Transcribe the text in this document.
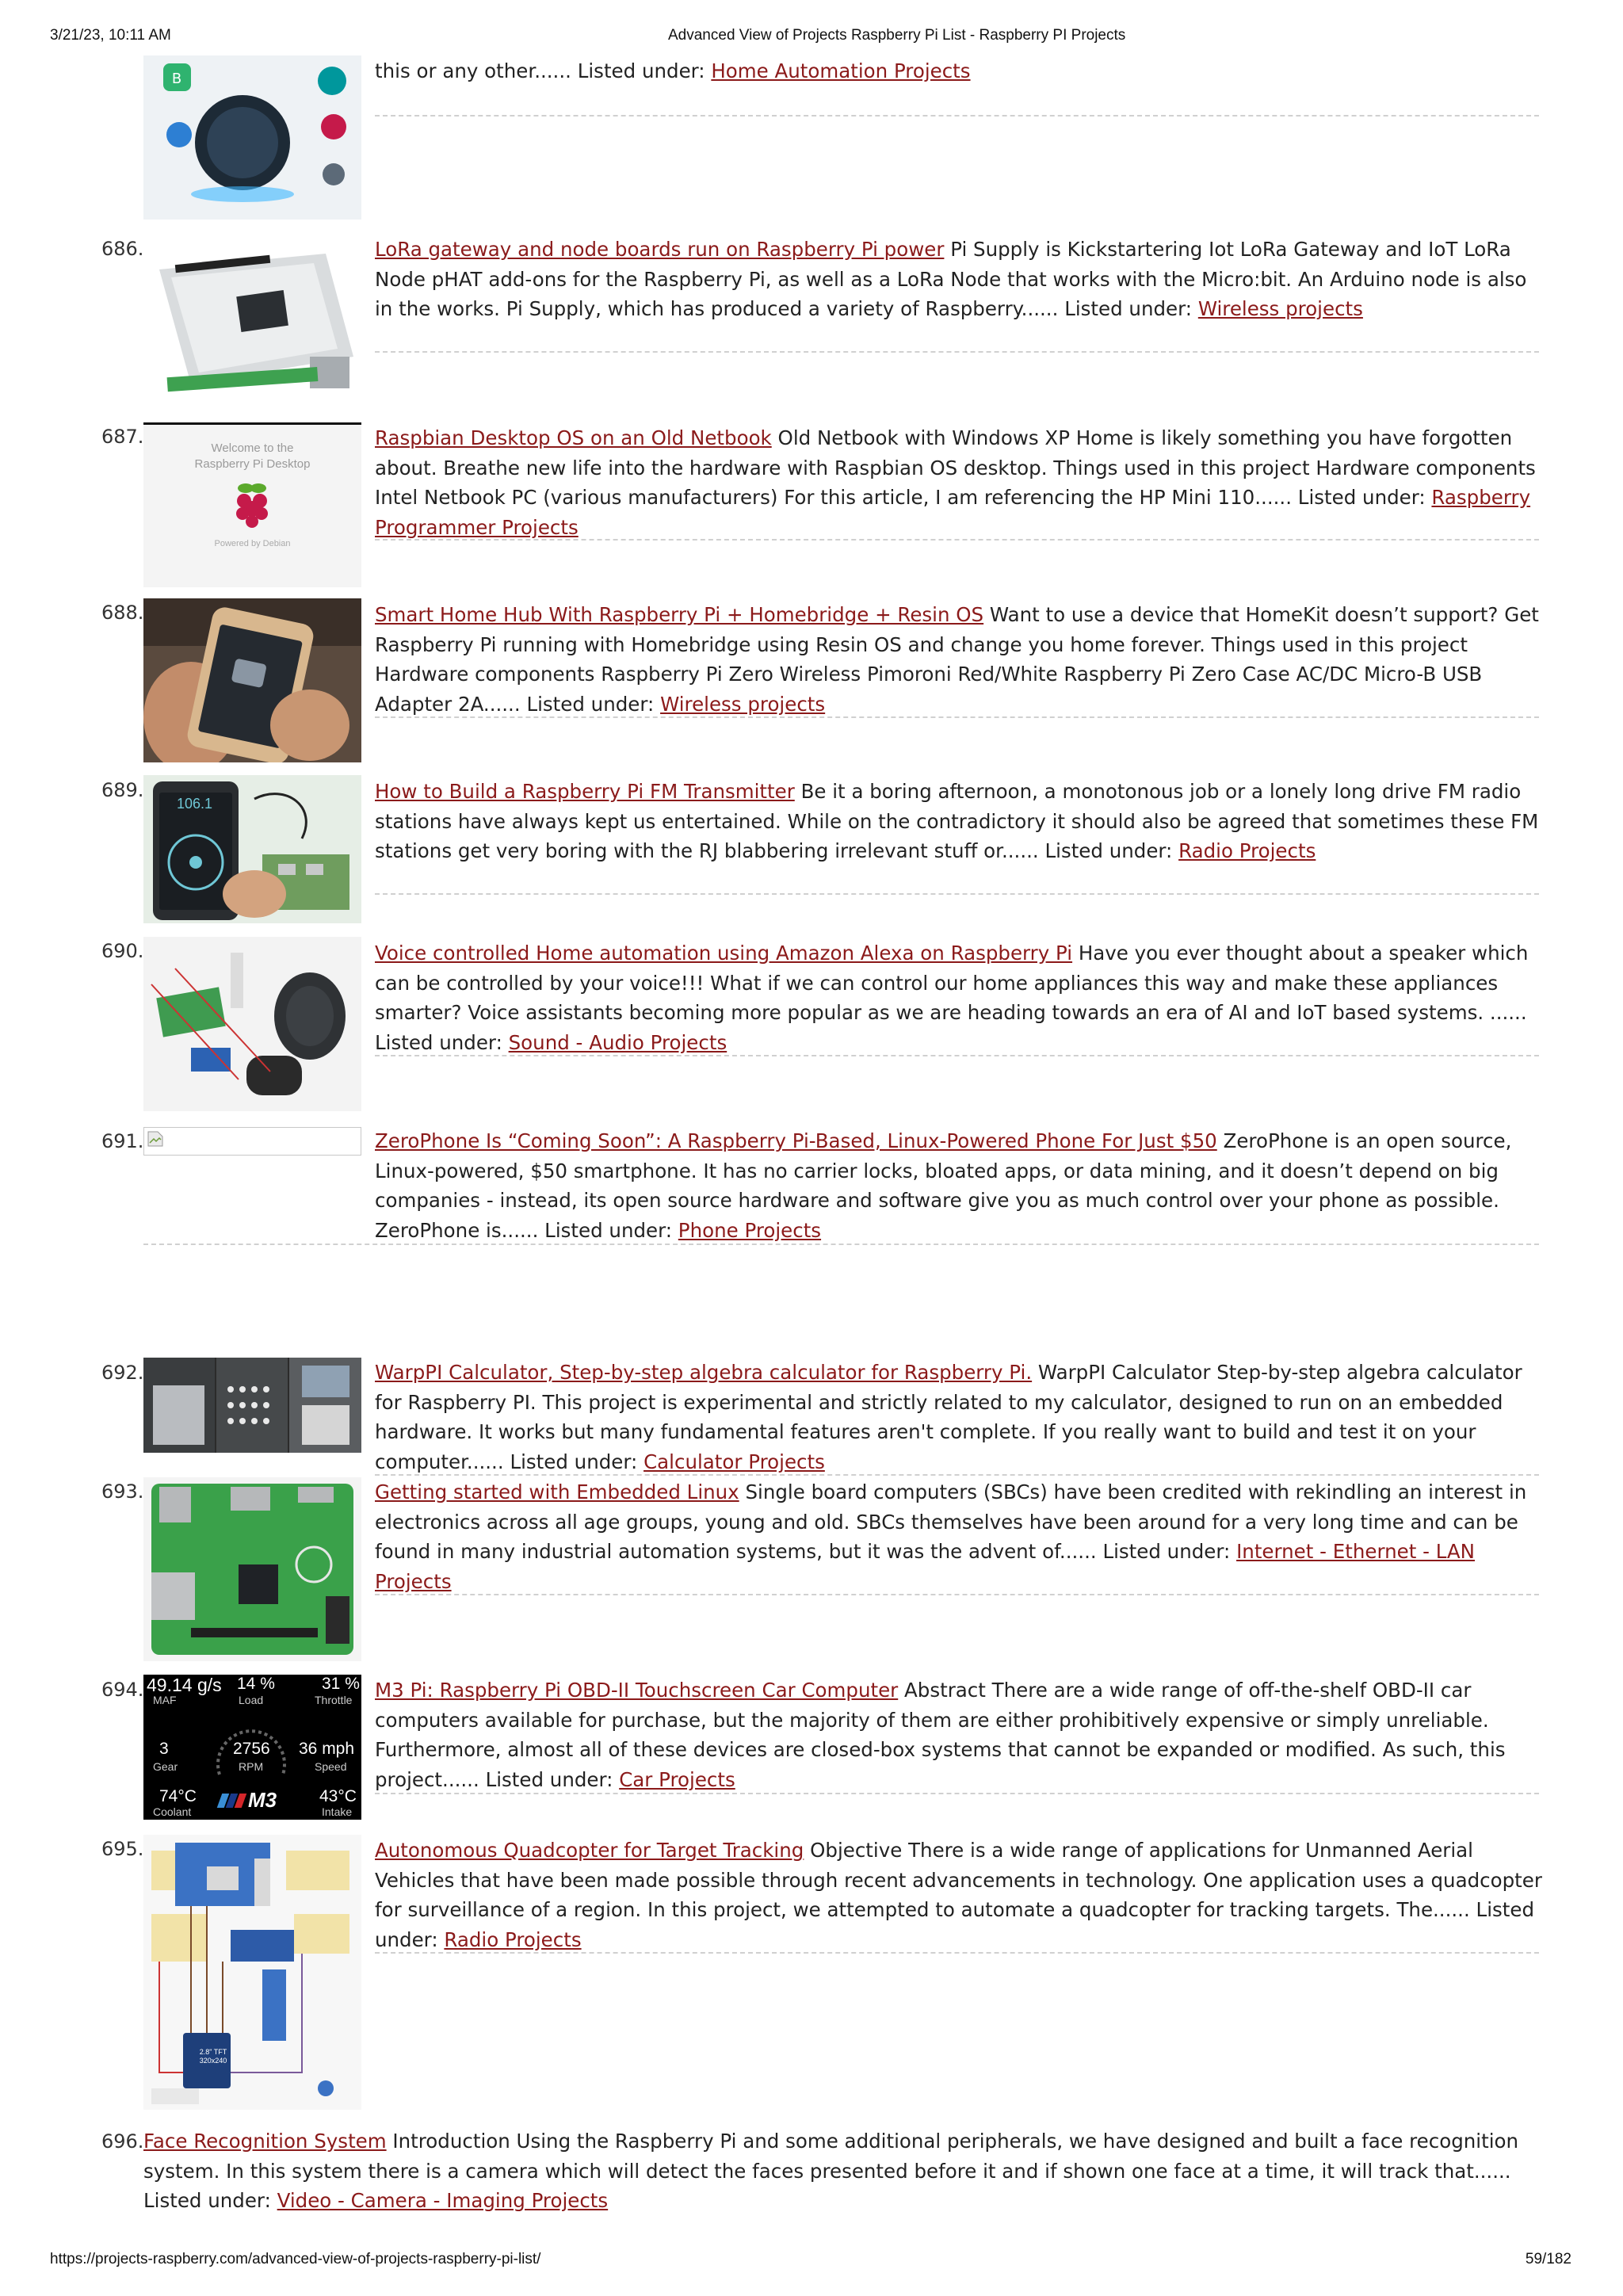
3/21/23, 10:11 AM	Advanced View of Projects Raspberry Pi List - Raspberry PI Projects
B	this or any other...... Listed under: Home Automation Projects
686.	LoRa gateway and node boards run on Raspberry Pi power Pi Supply is Kickstartering Iot LoRa Gateway and IoT LoRa Node pHAT add-ons for the Raspberry Pi, as well as a LoRa Node that works with the Micro:bit. An Arduino node is also in the works. Pi Supply, which has produced a variety of Raspberry...... Listed under: Wireless projects
687.
Welcome to the
Raspberry Pi Desktop
Powered by Debian
Raspbian Desktop OS on an Old Netbook Old Netbook with Windows XP Home is likely something you have forgotten about. Breathe new life into the hardware with Raspbian OS desktop. Things used in this project Hardware components Intel Netbook PC (various manufacturers) For this article, I am referencing the HP Mini 110...... Listed under: Raspberry Programmer Projects
688.	Smart Home Hub With Raspberry Pi + Homebridge + Resin OS Want to use a device that HomeKit doesn’t support? Get Raspberry Pi running with Homebridge using Resin OS and change you home forever. Things used in this project Hardware components Raspberry Pi Zero Wireless Pimoroni Red/White Raspberry Pi Zero Case AC/DC Micro-B USB Adapter 2A...... Listed under: Wireless projects
689.
106.1
How to Build a Raspberry Pi FM Transmitter Be it a boring afternoon, a monotonous job or a lonely long drive FM radio stations have always kept us entertained. While on the contradictory it should also be agreed that sometimes these FM stations get very boring with the RJ blabbering irrelevant stuff or...... Listed under: Radio Projects
690.	Voice controlled Home automation using Amazon Alexa on Raspberry Pi Have you ever thought about a speaker which can be controlled by your voice!!! What if we can control our home appliances this way and make these appliances smarter? Voice assistants becoming more popular as we are heading towards an era of AI and IoT based systems. ...... Listed under: Sound - Audio Projects
691.	ZeroPhone Is “Coming Soon”: A Raspberry Pi-Based, Linux-Powered Phone For Just $50 ZeroPhone is an open source, Linux-powered, $50 smartphone. It has no carrier locks, bloated apps, or data mining, and it doesn’t depend on big companies - instead, its open source hardware and software give you as much control over your phone as possible. ZeroPhone is...... Listed under: Phone Projects
692.	WarpPI Calculator, Step-by-step algebra calculator for Raspberry Pi. WarpPI Calculator Step-by-step algebra calculator for Raspberry PI. This project is experimental and strictly related to my calculator, designed to run on an embedded hardware. It works but many fundamental features aren't complete. If you really want to build and test it on your computer...... Listed under: Calculator Projects
693.	Getting started with Embedded Linux Single board computers (SBCs) have been credited with rekindling an interest in electronics across all age groups, young and old. SBCs themselves have been around for a very long time and can be found in many industrial automation systems, but it was the advent of...... Listed under: Internet - Ethernet - LAN Projects
694. 49.14 g/s
MAF
14 %
Load
31 %
Throttle
3
Gear
2756
RPM
36 mph
Speed
74°C
Coolant	M3	43°C
Intake
M3 Pi: Raspberry Pi OBD-II Touchscreen Car Computer Abstract There are a wide range of off-the-shelf OBD-II car computers available for purchase, but the majority of them are either prohibitively expensive or simply unreliable. Furthermore, almost all of these devices are closed-box systems that cannot be expanded or modified. As such, this project...... Listed under: Car Projects
695.
2.8" TFT
320x240
Autonomous Quadcopter for Target Tracking Objective There is a wide range of applications for Unmanned Aerial Vehicles that have been made possible through recent advancements in technology. One application uses a quadcopter for surveillance of a region. In this project, we attempted to automate a quadcopter for tracking targets. The...... Listed under: Radio Projects
696. Face Recognition System Introduction Using the Raspberry Pi and some additional peripherals, we have designed and built a face recognition system. In this system there is a camera which will detect the faces presented before it and if shown one face at a time, it will track that...... Listed under: Video - Camera - Imaging Projects
https://projects-raspberry.com/advanced-view-of-projects-raspberry-pi-list/	59/182
